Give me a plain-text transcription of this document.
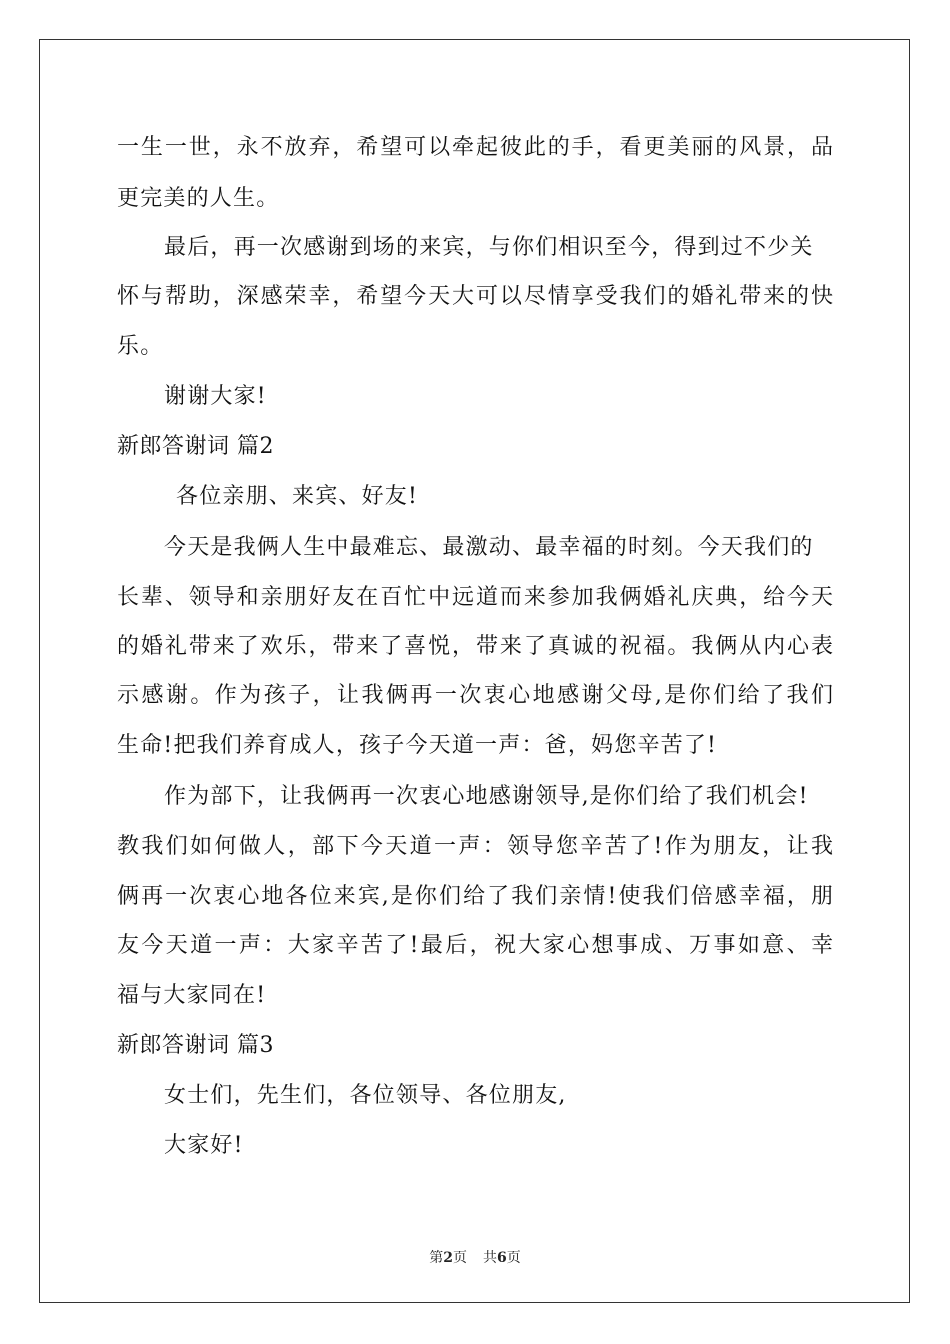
一生一世，永不放弃，希望可以牵起彼此的手，看更美丽的风景，品
更完美的人生。
最后，再一次感谢到场的来宾，与你们相识至今，得到过不少关
怀与帮助，深感荣幸，希望今天大可以尽情享受我们的婚礼带来的快
乐。
谢谢大家!
新郎答谢词 篇2
各位亲朋、来宾、好友!
今天是我俩人生中最难忘、最激动、最幸福的时刻。今天我们的
长辈、领导和亲朋好友在百忙中远道而来参加我俩婚礼庆典，给今天
的婚礼带来了欢乐，带来了喜悦，带来了真诚的祝福。我俩从内心表
示感谢。作为孩子，让我俩再一次衷心地感谢父母,是你们给了我们
生命!把我们养育成人，孩子今天道一声：爸，妈您辛苦了!
作为部下，让我俩再一次衷心地感谢领导,是你们给了我们机会!
教我们如何做人，部下今天道一声：领导您辛苦了!作为朋友，让我
俩再一次衷心地各位来宾,是你们给了我们亲情!使我们倍感幸福，朋
友今天道一声：大家辛苦了!最后，祝大家心想事成、万事如意、幸
福与大家同在!
新郎答谢词 篇3
女士们，先生们，各位领导、各位朋友,
大家好!
第2页 共6页
